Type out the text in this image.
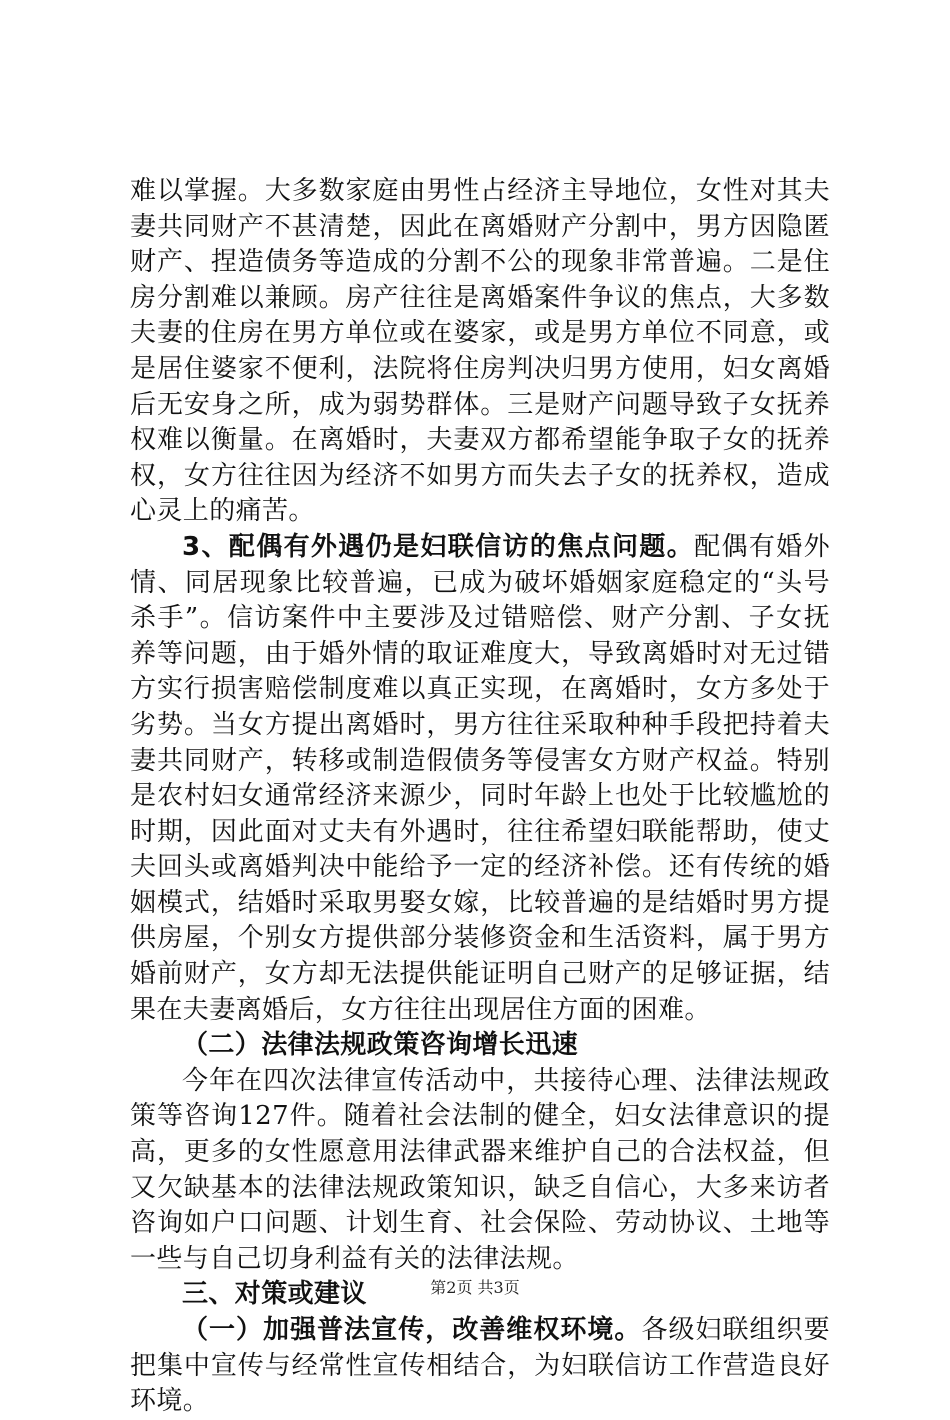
难以掌握。大多数家庭由男性占经济主导地位，女性对其夫妻共同财产不甚清楚，因此在离婚财产分割中，男方因隐匿财产、捏造债务等造成的分割不公的现象非常普遍。二是住房分割难以兼顾。房产往往是离婚案件争议的焦点，大多数夫妻的住房在男方单位或在婆家，或是男方单位不同意，或是居住婆家不便利，法院将住房判决归男方使用，妇女离婚后无安身之所，成为弱势群体。三是财产问题导致子女抚养权难以衡量。在离婚时，夫妻双方都希望能争取子女的抚养权，女方往往因为经济不如男方而失去子女的抚养权，造成心灵上的痛苦。

3、配偶有外遇仍是妇联信访的焦点问题。配偶有婚外情、同居现象比较普遍，已成为破坏婚姻家庭稳定的“头号杀手”。信访案件中主要涉及过错赔偿、财产分割、子女抚养等问题，由于婚外情的取证难度大，导致离婚时对无过错方实行损害赔偿制度难以真正实现，在离婚时，女方多处于劣势。当女方提出离婚时，男方往往采取种种手段把持着夫妻共同财产，转移或制造假债务等侵害女方财产权益。特别是农村妇女通常经济来源少，同时年龄上也处于比较尴尬的时期，因此面对丈夫有外遇时，往往希望妇联能帮助，使丈夫回头或离婚判决中能给予一定的经济补偿。还有传统的婚姻模式，结婚时采取男娶女嫁，比较普遍的是结婚时男方提供房屋，个别女方提供部分装修资金和生活资料，属于男方婚前财产，女方却无法提供能证明自己财产的足够证据，结果在夫妻离婚后，女方往往出现居住方面的困难。

（二）法律法规政策咨询增长迅速

今年在四次法律宣传活动中，共接待心理、法律法规政策等咨询127件。随着社会法制的健全，妇女法律意识的提高，更多的女性愿意用法律武器来维护自己的合法权益，但又欠缺基本的法律法规政策知识，缺乏自信心，大多来访者咨询如户口问题、计划生育、社会保险、劳动协议、土地等一些与自己切身利益有关的法律法规。

三、对策或建议

（一）加强普法宣传，改善维权环境。各级妇联组织要把集中宣传与经常性宣传相结合，为妇联信访工作营造良好环境。

第2页 共3页
